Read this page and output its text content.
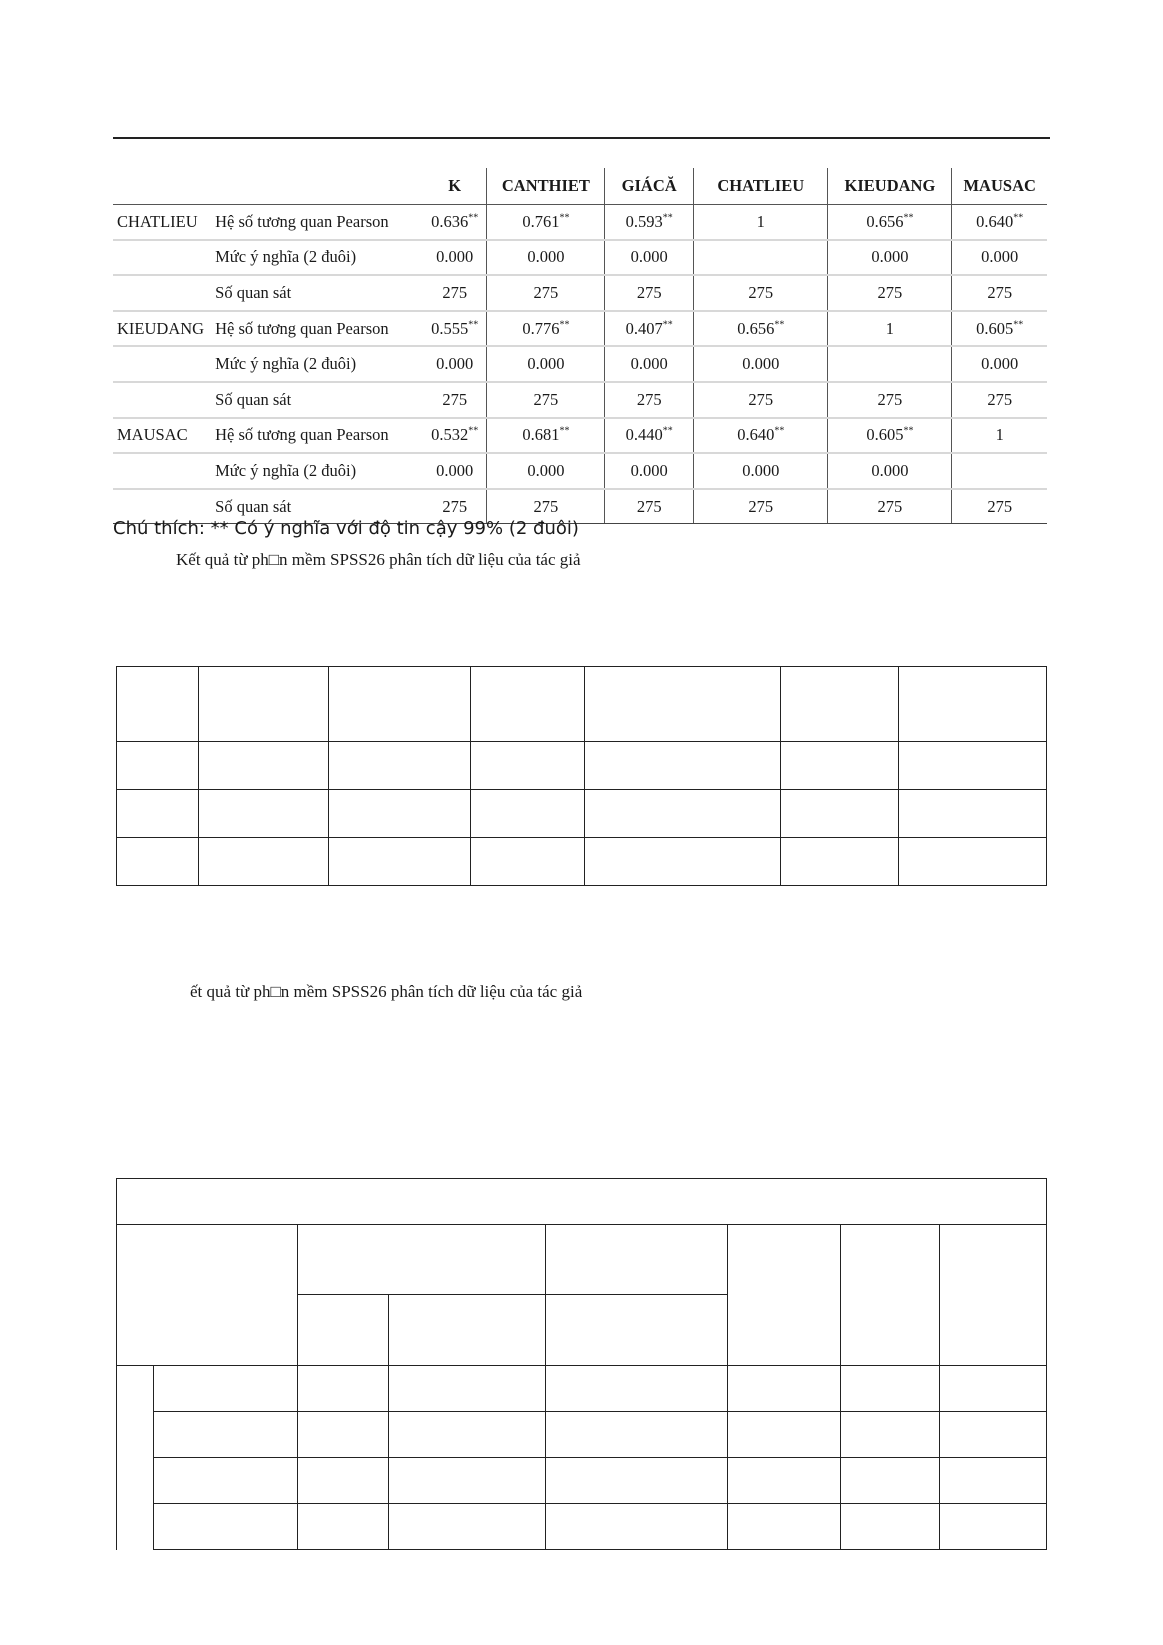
		K	CANTHIET	GIÁCĂ	CHATLIEU	KIEUDANG	MAUSAC
CHATLIEU	Hệ số tương quan Pearson	0.636**	0.761**	0.593**	1	0.656**	0.640**
	Mức ý nghĩa (2 đuôi)	0.000	0.000	0.000		0.000	0.000
	Số quan sát	275	275	275	275	275	275
KIEUDANG	Hệ số tương quan Pearson	0.555**	0.776**	0.407**	0.656**	1	0.605**
	Mức ý nghĩa (2 đuôi)	0.000	0.000	0.000	0.000		0.000
	Số quan sát	275	275	275	275	275	275
MAUSAC	Hệ số tương quan Pearson	0.532**	0.681**	0.440**	0.640**	0.605**	1
	Mức ý nghĩa (2 đuôi)	0.000	0.000	0.000	0.000	0.000	
	Số quan sát	275	275	275	275	275	275
Chú thích: ** Có ý nghĩa với độ tin cậy 99% (2 đuôi)
Kết quả từ ph□n mềm SPSS26 phân tích dữ liệu của tác giả

ết quả từ ph□n mềm SPSS26 phân tích dữ liệu của tác giả
